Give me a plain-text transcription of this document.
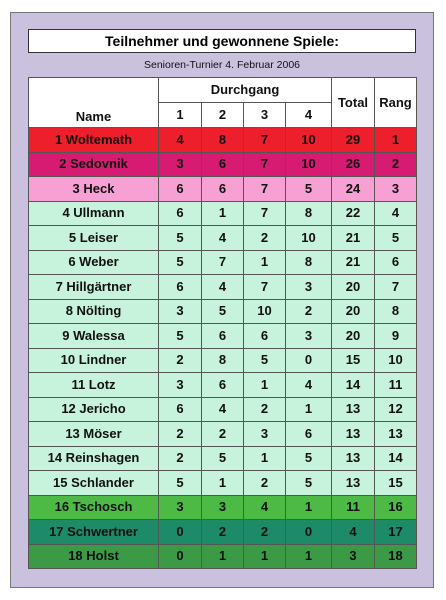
Teilnehmer und gewonnene Spiele:
Senioren-Turnier 4. Februar 2006
Name	Durchgang				Total	Rang
	1	2	3	4		
1 Woltemath	4	8	7	10	29	1
2 Sedovnik	3	6	7	10	26	2
3 Heck	6	6	7	5	24	3
4 Ullmann	6	1	7	8	22	4
5 Leiser	5	4	2	10	21	5
6 Weber	5	7	1	8	21	6
7 Hillgärtner	6	4	7	3	20	7
8 Nölting	3	5	10	2	20	8
9 Walessa	5	6	6	3	20	9
10 Lindner	2	8	5	0	15	10
11 Lotz	3	6	1	4	14	11
12 Jericho	6	4	2	1	13	12
13 Möser	2	2	3	6	13	13
14 Reinshagen	2	5	1	5	13	14
15 Schlander	5	1	2	5	13	15
16 Tschosch	3	3	4	1	11	16
17 Schwertner	0	2	2	0	4	17
18 Holst	0	1	1	1	3	18
